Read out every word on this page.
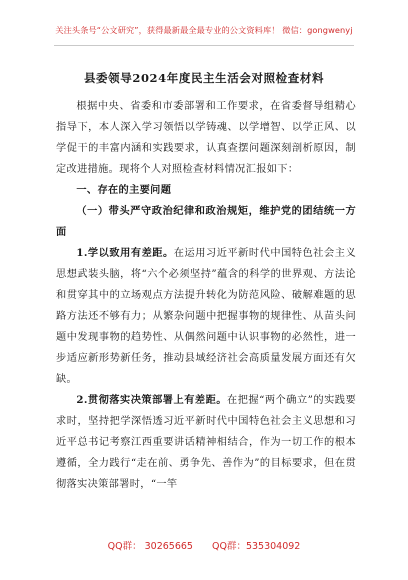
关注头条号“公文研究”，获得最新最全最专业的公文资料库！ 微信：gongwenyj
县委领导2024年度民主生活会对照检查材料

根据中央、省委和市委部署和工作要求，在省委督导组精心指导下，本人深入学习领悟以学铸魂、以学增智、以学正风、以学促干的丰富内涵和实践要求，认真查摆问题深刻剖析原因，制定改进措施。现将个人对照检查材料情况汇报如下：

一、存在的主要问题

（一）带头严守政治纪律和政治规矩，维护党的团结统一方面

1.学以致用有差距。在运用习近平新时代中国特色社会主义思想武装头脑，将“六个必须坚持”蕴含的科学的世界观、方法论和贯穿其中的立场观点方法提升转化为防范风险、破解难题的思路方法还不够有力；从繁杂问题中把握事物的规律性、从苗头问题中发现事物的趋势性、从偶然问题中认识事物的必然性，进一步适应新形势新任务，推动县域经济社会高质量发展方面还有欠缺。

2.贯彻落实决策部署上有差距。在把握“两个确立”的实践要求时，坚持把学深悟透习近平新时代中国特色社会主义思想和习近平总书记考察江西重要讲话精神相结合，作为一切工作的根本遵循，全力践行“走在前、勇争先、善作为”的目标要求，但在贯彻落实决策部署时，“一竿

QQ群： 30265665 QQ群：535304092
